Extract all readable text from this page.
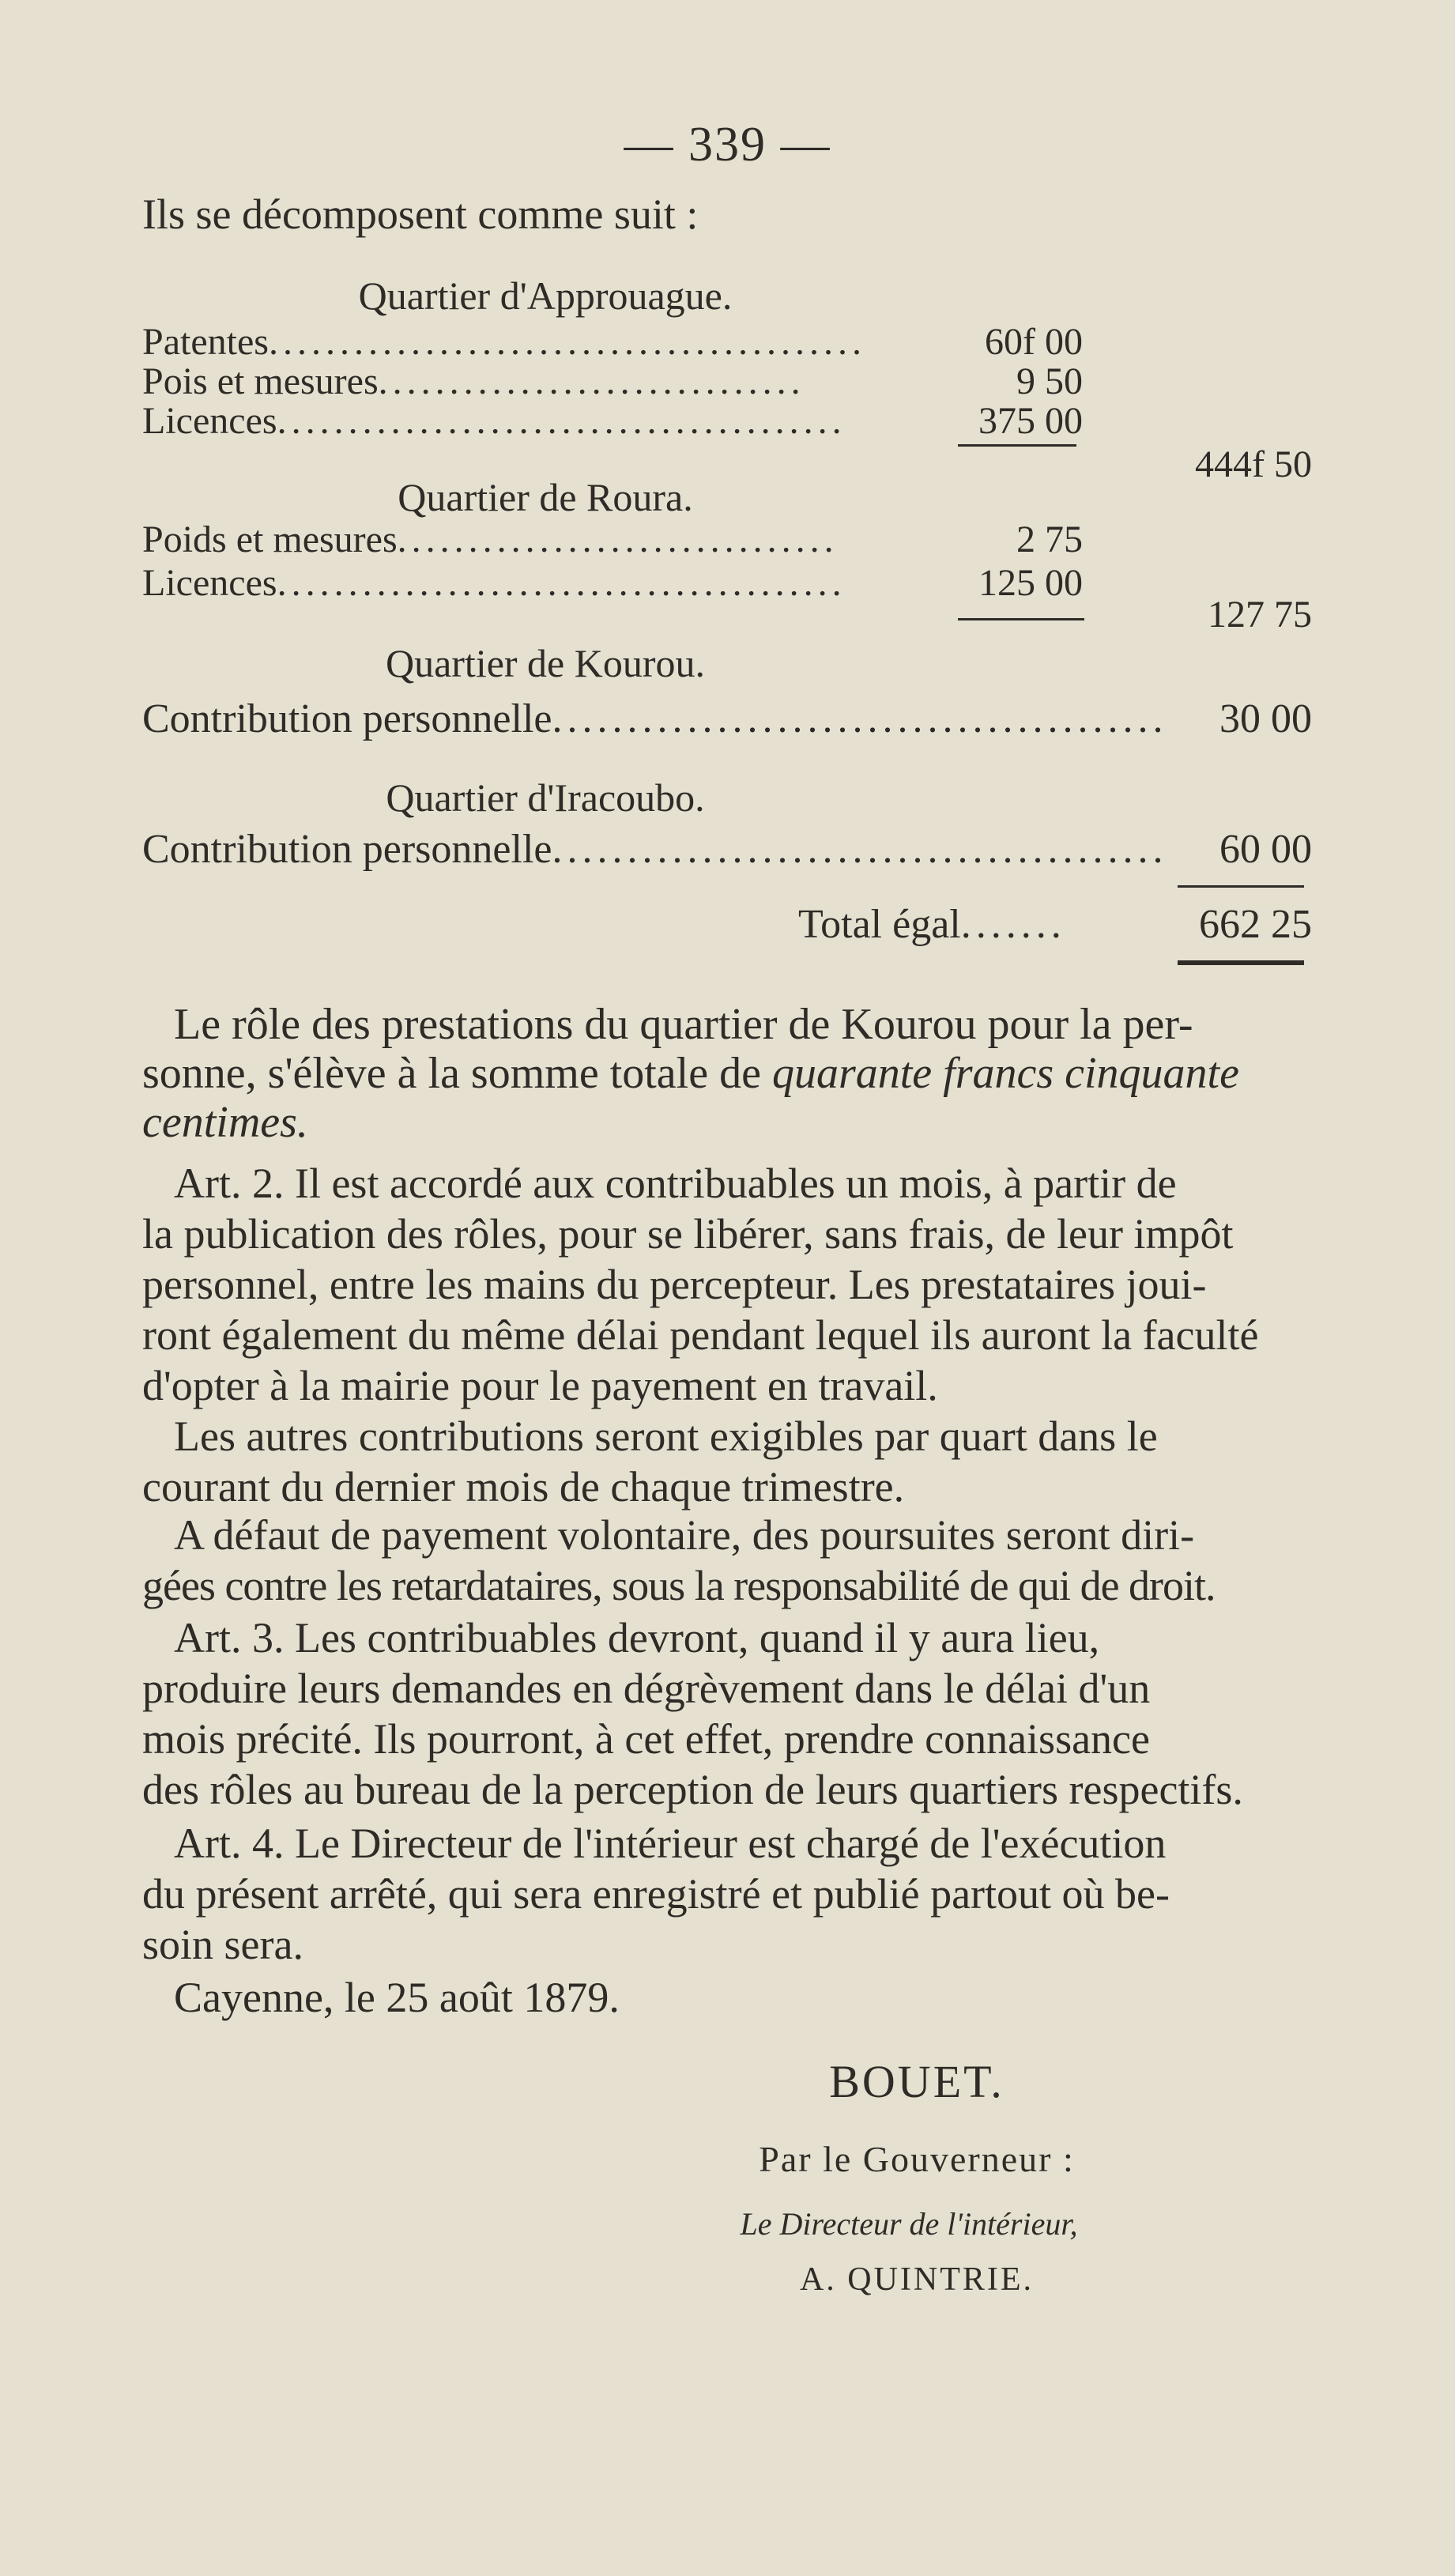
— 339 —
Ils se décomposent comme suit :
Quartier d'Approuague.
Patentes..........................................	60f 00
Pois et mesures..............................	9 50
Licences........................................	375 00
444f 50
Quartier de Roura.
Poids et mesures...............................	2 75
Licences........................................	125 00
127 75
Quartier de Kourou.
Contribution personnelle.........................................	30 00
Quartier d'Iracoubo.
Contribution personnelle.........................................	60 00
Total égal.......	662 25
Le rôle des prestations du quartier de Kourou pour la per-
sonne, s'élève à la somme totale de quarante francs cinquante
centimes.
Art. 2. Il est accordé aux contribuables un mois, à partir de
la publication des rôles, pour se libérer, sans frais, de leur impôt
personnel, entre les mains du percepteur. Les prestataires joui-
ront également du même délai pendant lequel ils auront la faculté
d'opter à la mairie pour le payement en travail.
Les autres contributions seront exigibles par quart dans le
courant du dernier mois de chaque trimestre.
A défaut de payement volontaire, des poursuites seront diri-
gées contre les retardataires, sous la responsabilité de qui de droit.
Art. 3. Les contribuables devront, quand il y aura lieu,
produire leurs demandes en dégrèvement dans le délai d'un
mois précité. Ils pourront, à cet effet, prendre connaissance
des rôles au bureau de la perception de leurs quartiers respectifs.
Art. 4. Le Directeur de l'intérieur est chargé de l'exécution
du présent arrêté, qui sera enregistré et publié partout où be-
soin sera.
Cayenne, le 25 août 1879.
BOUET.
Par le Gouverneur :
Le Directeur de l'intérieur,
A. QUINTRIE.
